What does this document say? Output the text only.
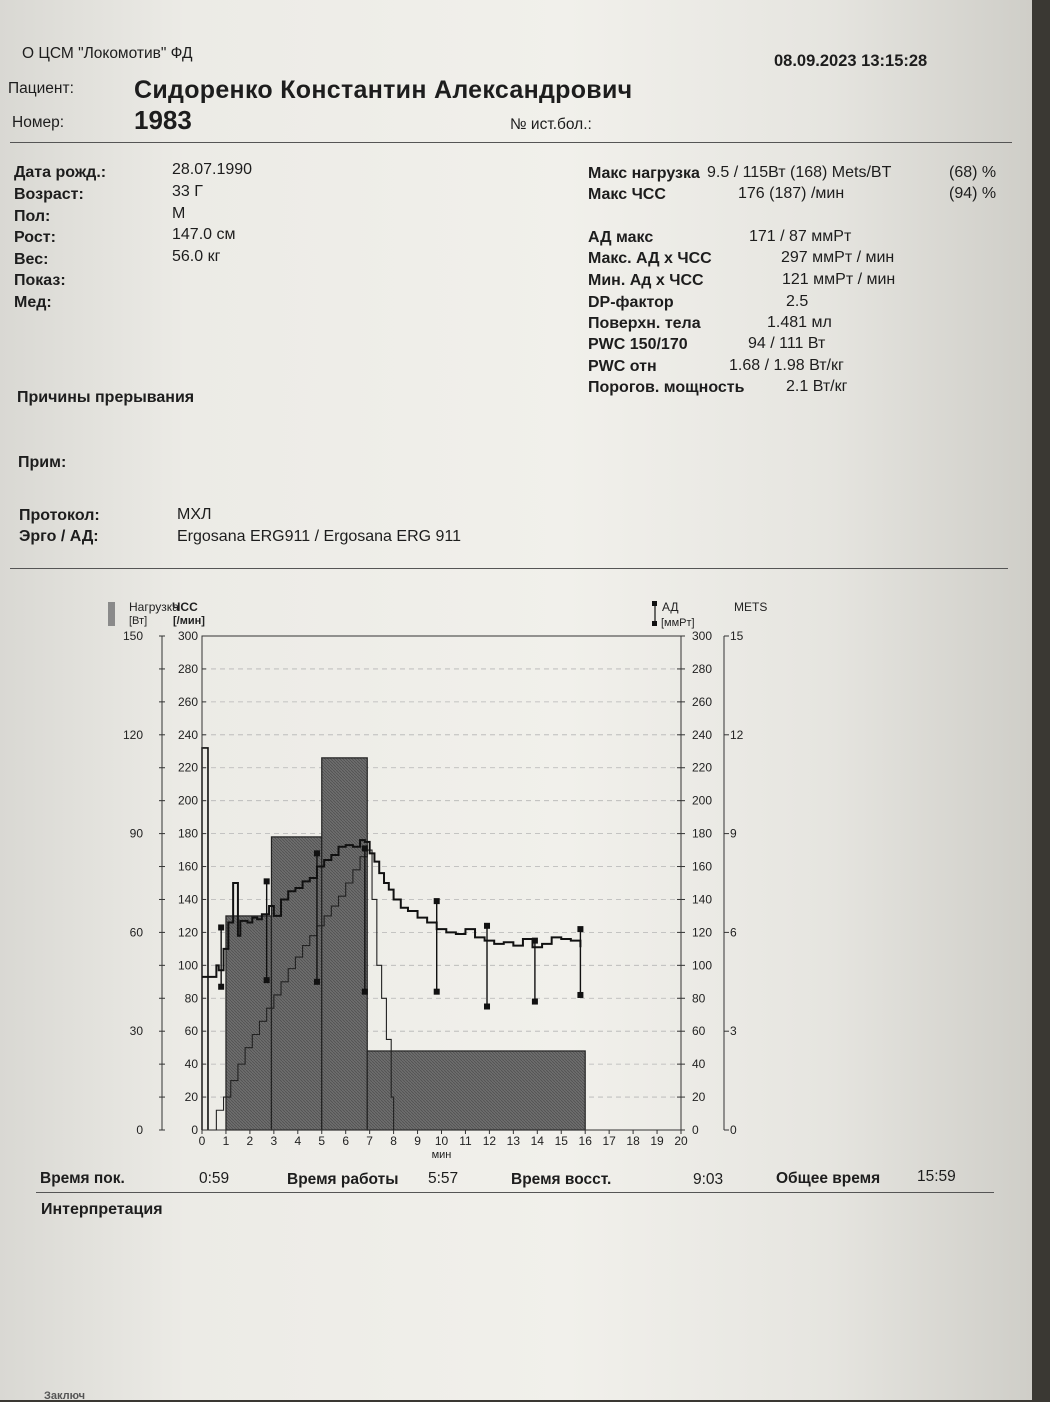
O ЦСМ "Локомотив" ФД	08.09.2023 13:15:28
Пациент: Сидоренко Константин Александрович
Номер:	1983	№ ист.бол.:
Дата рожд.:	28.07.1990
Возраст:	33 Г
Пол:	М
Рост:	147.0 см
Вес:	56.0 кг
Показ:
Мед:
Макс нагрузка 9.5 / 115Вт (168) Mets/BT	(68) %
Макс ЧСС	176 (187) /мин	(94) %
АД макс	171 / 87 ммРт
Макс. АД х ЧСС	297 ммРт / мин
Мин. Ад х ЧСС	121 ммРт / мин
DP-фактор	2.5
Поверхн. тела	1.481 мл
PWC 150/170	94 / 111 Вт
PWC отн	1.68 / 1.98 Вт/кг
Порогов. мощность	2.1 Вт/кг
Причины прерывания
Прим:
Протокол:	МХЛ
Эрго / АД:	Ergosana ERG911 / Ergosana ERG 911
0
30
60
90
120
150
0
20
40
60
80
100
120
140
160
180
200
220
240
260
280
300
0
20
40
60
80
100
120
140
160
180
200
220
240
260
280
300
0
3
6
9
12
15
0 1 2 3 4 5 6 7 8 9 10 11 12 13 14 15 16 17 18 19 20
мин
Нагрузка
[Вт]
ЧСС
[/мин]
АД
[ммРт]
METS
Время пок.	0:59	Время работы 5:57	Время восст.	9:03	Общее время 15:59
Интерпретация
Заключ
